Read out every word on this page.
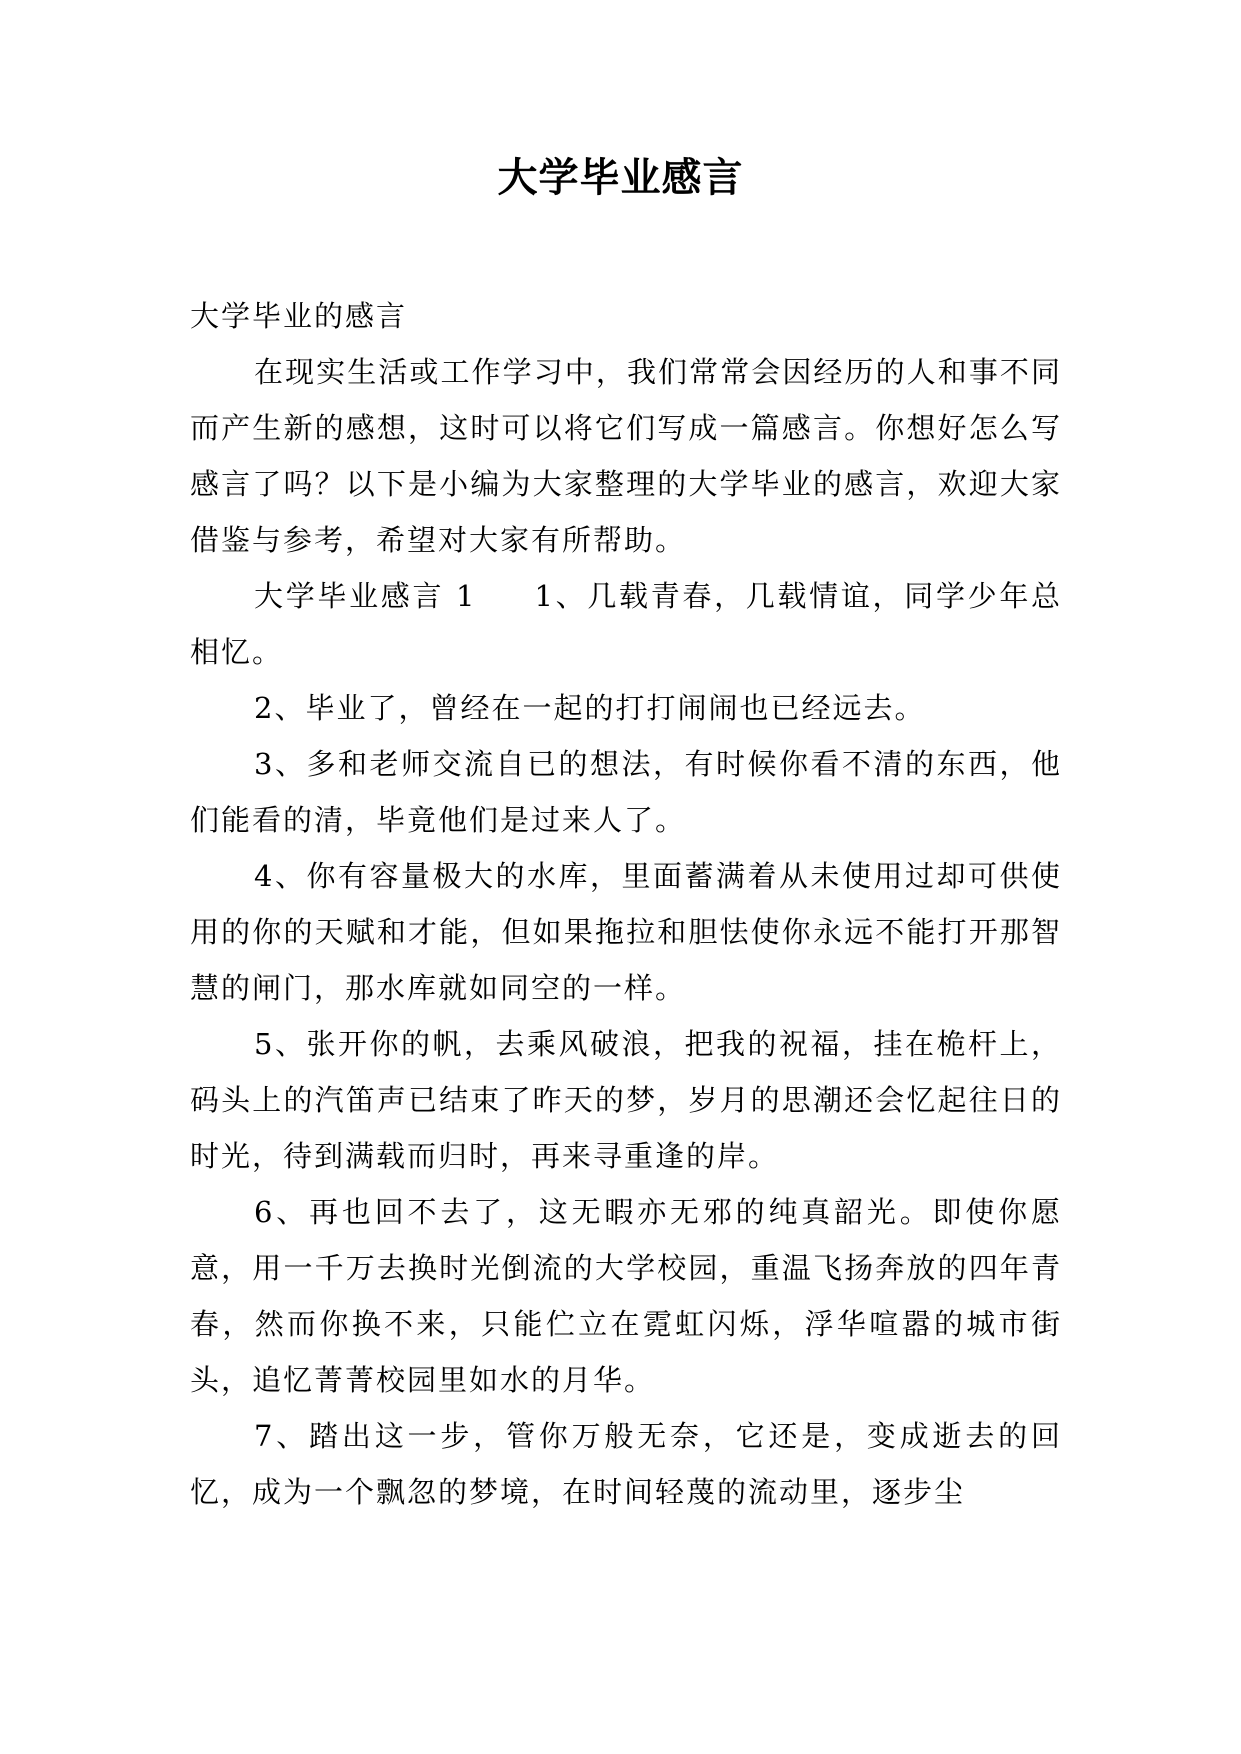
大学毕业感言

大学毕业的感言

在现实生活或工作学习中，我们常常会因经历的人和事不同而产生新的感想，这时可以将它们写成一篇感言。你想好怎么写感言了吗？以下是小编为大家整理的大学毕业的感言，欢迎大家借鉴与参考，希望对大家有所帮助。

大学毕业感言 1 1、几载青春，几载情谊，同学少年总相忆。

2、毕业了，曾经在一起的打打闹闹也已经远去。

3、多和老师交流自已的想法，有时候你看不清的东西，他们能看的清，毕竟他们是过来人了。

4、你有容量极大的水库，里面蓄满着从未使用过却可供使用的你的天赋和才能，但如果拖拉和胆怯使你永远不能打开那智慧的闸门，那水库就如同空的一样。

5、张开你的帆，去乘风破浪，把我的祝福，挂在桅杆上，码头上的汽笛声已结束了昨天的梦，岁月的思潮还会忆起往日的时光，待到满载而归时，再来寻重逢的岸。

6、再也回不去了，这无暇亦无邪的纯真韶光。即使你愿意，用一千万去换时光倒流的大学校园，重温飞扬奔放的四年青春，然而你换不来，只能伫立在霓虹闪烁，浮华喧嚣的城市街头，追忆菁菁校园里如水的月华。

7、踏出这一步，管你万般无奈，它还是，变成逝去的回忆，成为一个飘忽的梦境，在时间轻蔑的流动里，逐步尘
